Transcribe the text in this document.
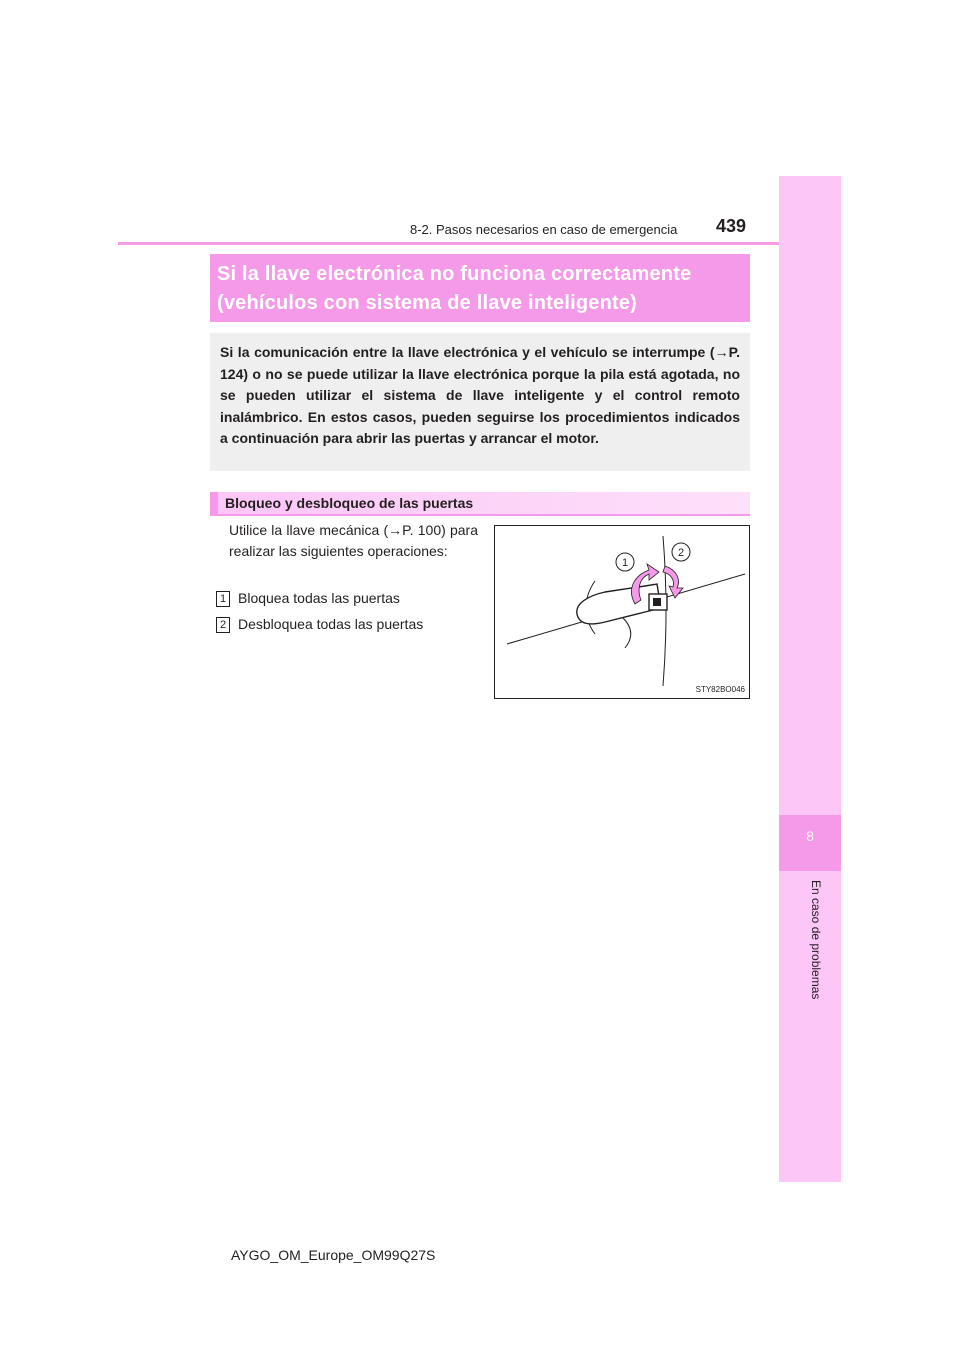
8
En caso de problemas
8-2. Pasos necesarios en caso de emergencia 439
Si la llave electrónica no funciona correctamente
(vehículos con sistema de llave inteligente)
Si la comunicación entre la llave electrónica y el vehículo se interrumpe (→P. 124) o no se puede utilizar la llave electrónica porque la pila está agotada, no se pueden utilizar el sistema de llave inteligente y el control remoto inalámbrico. En estos casos, pueden seguirse los procedimientos indicados a continuación para abrir las puertas y arrancar el motor.
Bloqueo y desbloqueo de las puertas
Utilice la llave mecánica (→P. 100) para realizar las siguientes operaciones:
1 Bloquea todas las puertas
2 Desbloquea todas las puertas
1
2
STY82BO046
AYGO_OM_Europe_OM99Q27S
